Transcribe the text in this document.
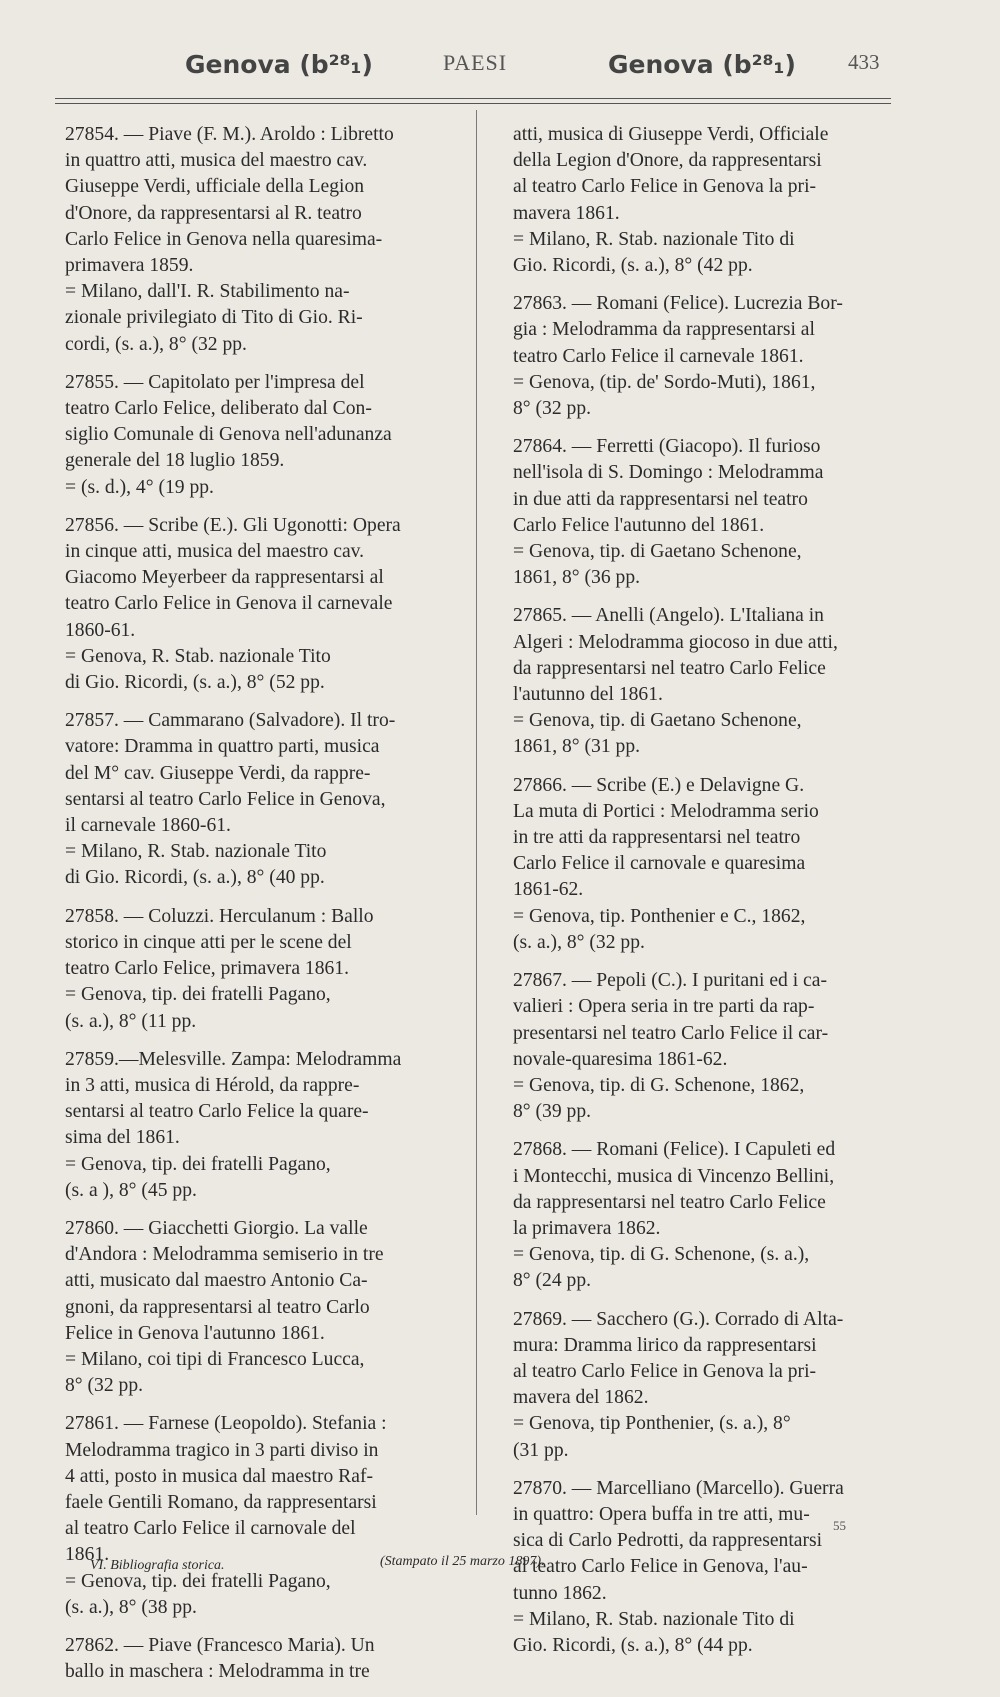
Genova (b²⁸₁)	PAESI	Genova (b²⁸₁) 433
27854. — Piave (F. M.). Aroldo : Libretto
in quattro atti, musica del maestro cav.
Giuseppe Verdi, ufficiale della Legion
d'Onore, da rappresentarsi al R. teatro
Carlo Felice in Genova nella quaresima-
primavera 1859.
= Milano, dall'I. R. Stabilimento na-
zionale privilegiato di Tito di Gio. Ri-
cordi, (s. a.), 8° (32 pp.
27855. — Capitolato per l'impresa del
teatro Carlo Felice, deliberato dal Con-
siglio Comunale di Genova nell'adunanza
generale del 18 luglio 1859.
= (s. d.), 4° (19 pp.
27856. — Scribe (E.). Gli Ugonotti: Opera
in cinque atti, musica del maestro cav.
Giacomo Meyerbeer da rappresentarsi al
teatro Carlo Felice in Genova il carnevale
1860-61.
= Genova, R. Stab. nazionale Tito
di Gio. Ricordi, (s. a.), 8° (52 pp.
27857. — Cammarano (Salvadore). Il tro-
vatore: Dramma in quattro parti, musica
del M° cav. Giuseppe Verdi, da rappre-
sentarsi al teatro Carlo Felice in Genova,
il carnevale 1860-61.
= Milano, R. Stab. nazionale Tito
di Gio. Ricordi, (s. a.), 8° (40 pp.
27858. — Coluzzi. Herculanum : Ballo
storico in cinque atti per le scene del
teatro Carlo Felice, primavera 1861.
= Genova, tip. dei fratelli Pagano,
(s. a.), 8° (11 pp.
27859.—Melesville. Zampa: Melodramma
in 3 atti, musica di Hérold, da rappre-
sentarsi al teatro Carlo Felice la quare-
sima del 1861.
= Genova, tip. dei fratelli Pagano,
(s. a ), 8° (45 pp.
27860. — Giacchetti Giorgio. La valle
d'Andora : Melodramma semiserio in tre
atti, musicato dal maestro Antonio Ca-
gnoni, da rappresentarsi al teatro Carlo
Felice in Genova l'autunno 1861.
= Milano, coi tipi di Francesco Lucca,
8° (32 pp.
27861. — Farnese (Leopoldo). Stefania :
Melodramma tragico in 3 parti diviso in
4 atti, posto in musica dal maestro Raf-
faele Gentili Romano, da rappresentarsi
al teatro Carlo Felice il carnovale del
1861.
= Genova, tip. dei fratelli Pagano,
(s. a.), 8° (38 pp.
27862. — Piave (Francesco Maria). Un
ballo in maschera : Melodramma in tre
atti, musica di Giuseppe Verdi, Officiale
della Legion d'Onore, da rappresentarsi
al teatro Carlo Felice in Genova la pri-
mavera 1861.
= Milano, R. Stab. nazionale Tito di
Gio. Ricordi, (s. a.), 8° (42 pp.
27863. — Romani (Felice). Lucrezia Bor-
gia : Melodramma da rappresentarsi al
teatro Carlo Felice il carnevale 1861.
= Genova, (tip. de' Sordo-Muti), 1861,
8° (32 pp.
27864. — Ferretti (Giacopo). Il furioso
nell'isola di S. Domingo : Melodramma
in due atti da rappresentarsi nel teatro
Carlo Felice l'autunno del 1861.
= Genova, tip. di Gaetano Schenone,
1861, 8° (36 pp.
27865. — Anelli (Angelo). L'Italiana in
Algeri : Melodramma giocoso in due atti,
da rappresentarsi nel teatro Carlo Felice
l'autunno del 1861.
= Genova, tip. di Gaetano Schenone,
1861, 8° (31 pp.
27866. — Scribe (E.) e Delavigne G.
La muta di Portici : Melodramma serio
in tre atti da rappresentarsi nel teatro
Carlo Felice il carnovale e quaresima
1861-62.
= Genova, tip. Ponthenier e C., 1862,
(s. a.), 8° (32 pp.
27867. — Pepoli (C.). I puritani ed i ca-
valieri : Opera seria in tre parti da rap-
presentarsi nel teatro Carlo Felice il car-
novale-quaresima 1861-62.
= Genova, tip. di G. Schenone, 1862,
8° (39 pp.
27868. — Romani (Felice). I Capuleti ed
i Montecchi, musica di Vincenzo Bellini,
da rappresentarsi nel teatro Carlo Felice
la primavera 1862.
= Genova, tip. di G. Schenone, (s. a.),
8° (24 pp.
27869. — Sacchero (G.). Corrado di Alta-
mura: Dramma lirico da rappresentarsi
al teatro Carlo Felice in Genova la pri-
mavera del 1862.
= Genova, tip Ponthenier, (s. a.), 8°
(31 pp.
27870. — Marcelliano (Marcello). Guerra
in quattro: Opera buffa in tre atti, mu-
sica di Carlo Pedrotti, da rappresentarsi
al teatro Carlo Felice in Genova, l'au-
tunno 1862.
= Milano, R. Stab. nazionale Tito di
Gio. Ricordi, (s. a.), 8° (44 pp.
VI. Bibliografia storica.	(Stampato il 25 marzo 1897).
55
